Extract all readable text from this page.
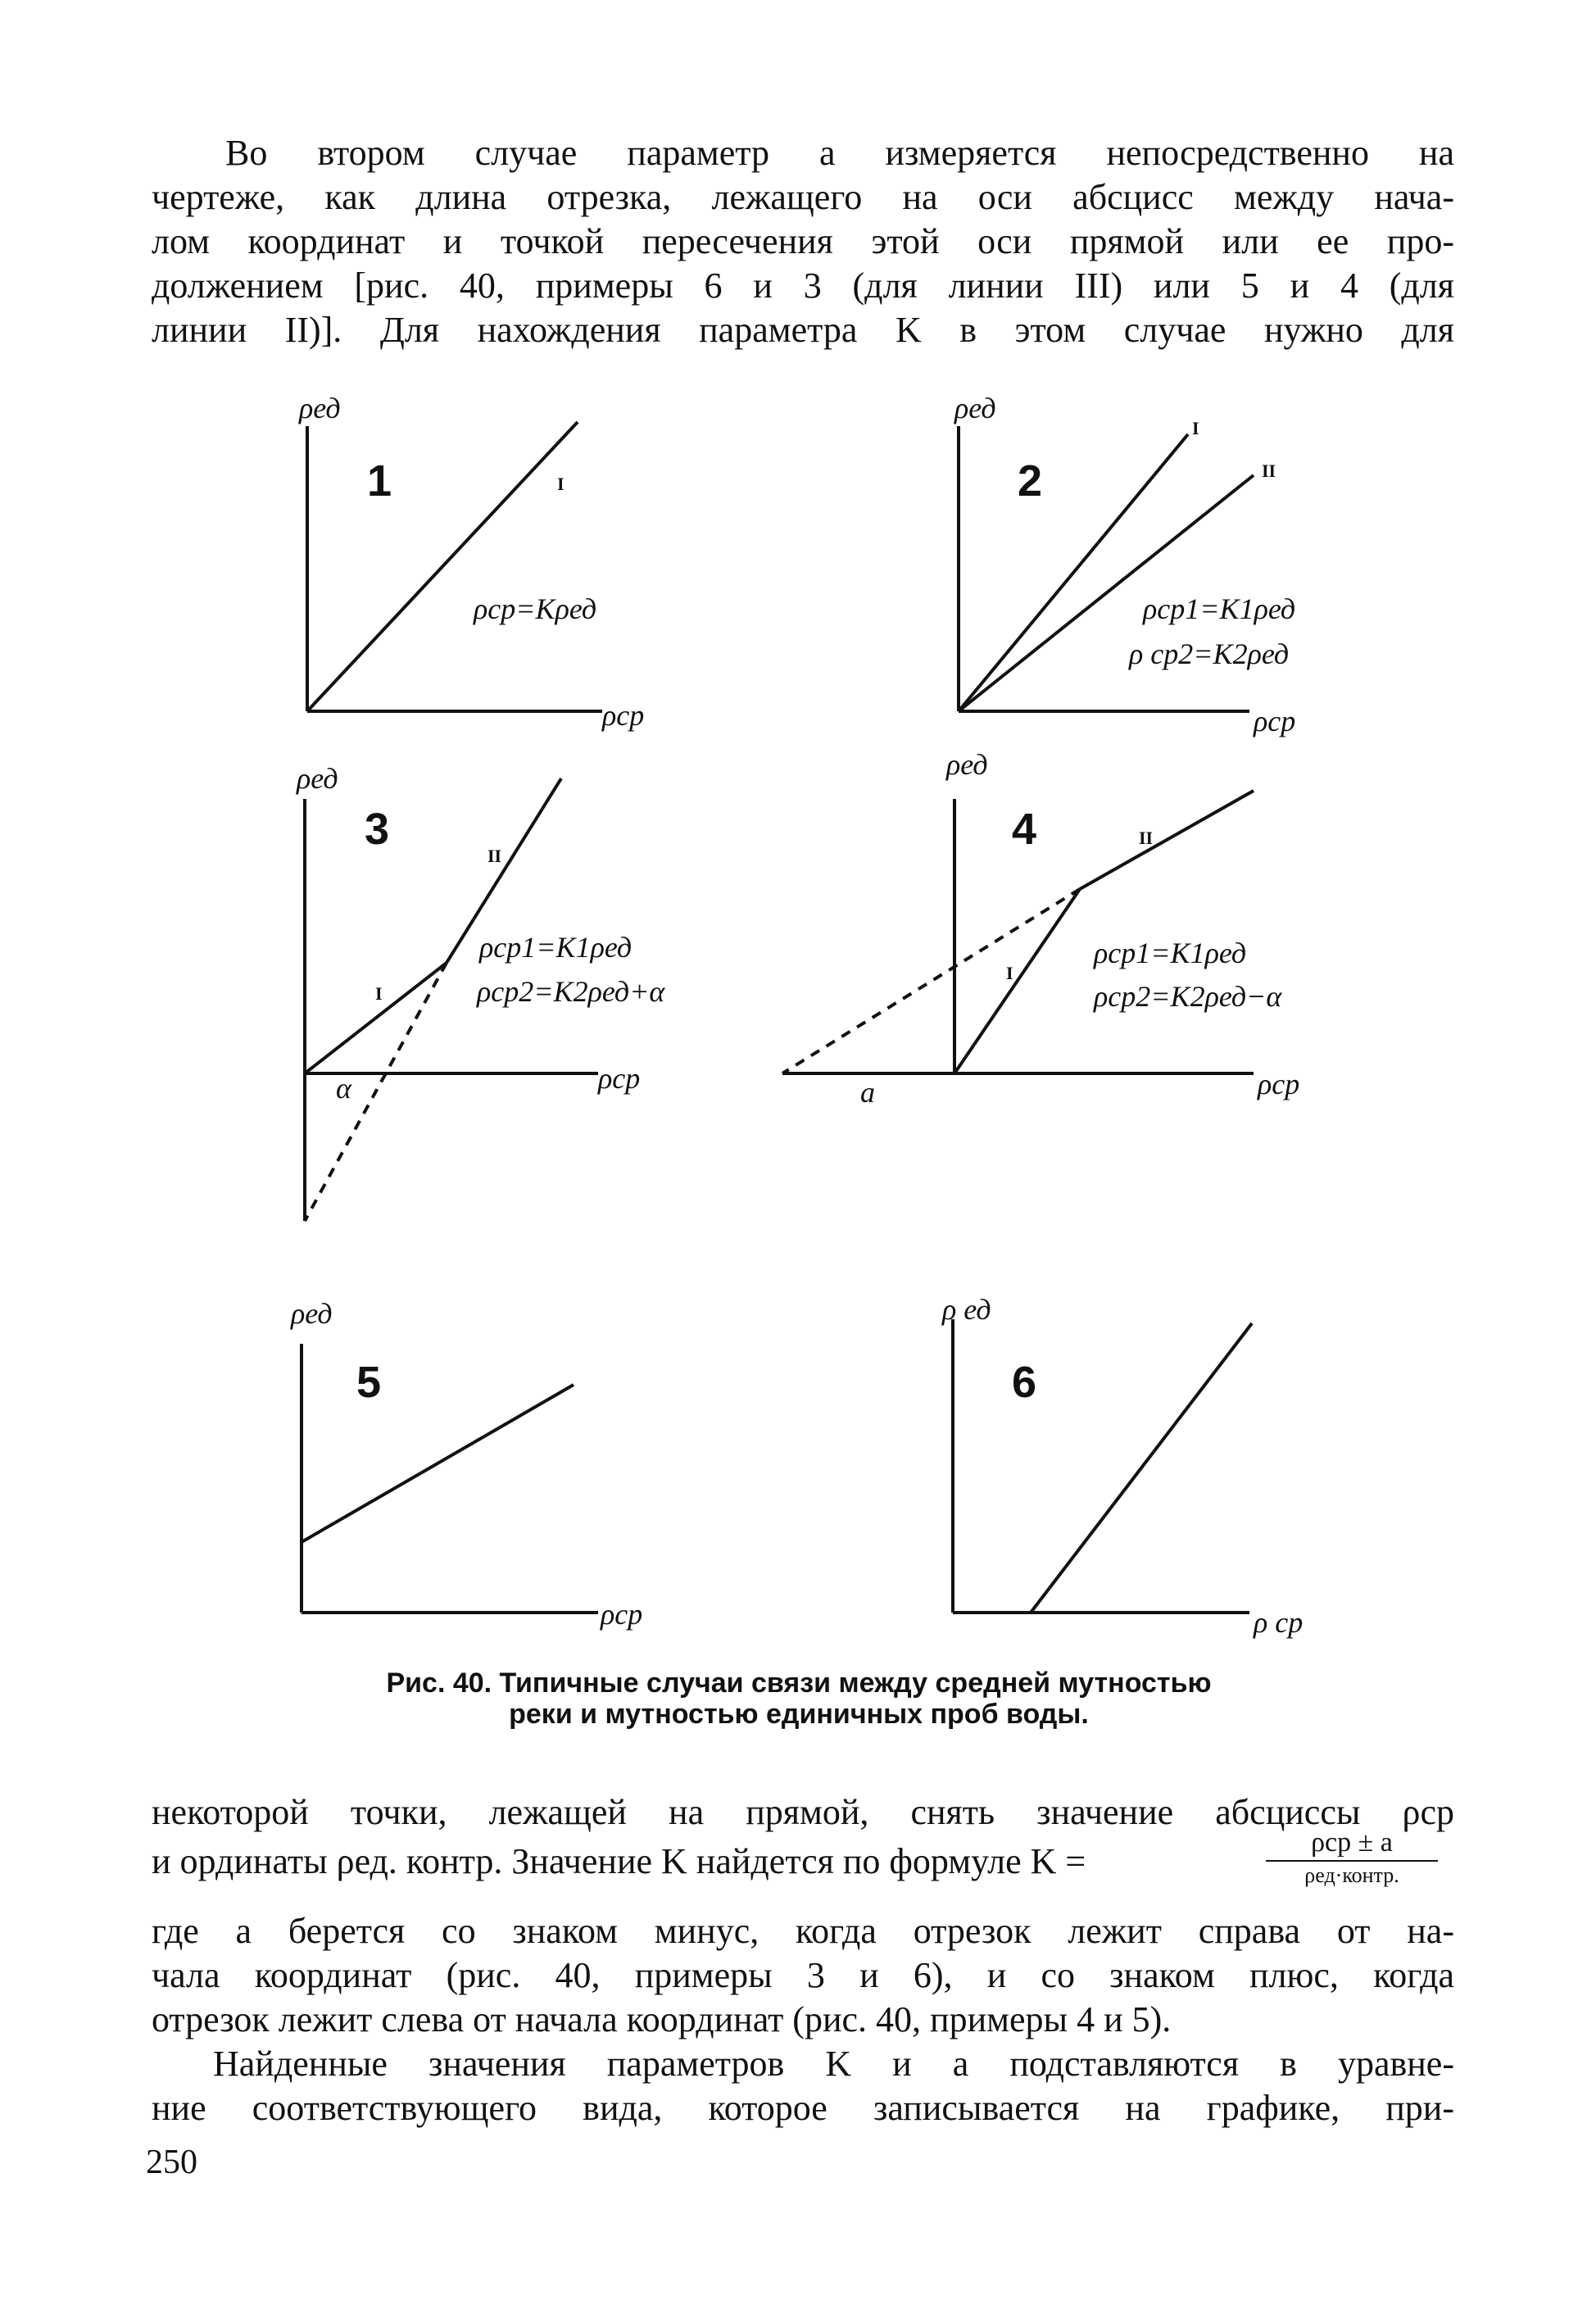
Во втором случае параметр a измеряется непосредственно на
чертеже, как длина отрезка, лежащего на оси абсцисс между нача-
лом координат и точкой пересечения этой оси прямой или ее про-
должением [рис. 40, примеры 6 и 3 (для линии III) или 5 и 4 (для
линии II)]. Для нахождения параметра K в этом случае нужно для
ρед
1	I
ρср=Kρед
ρср
ρед
2
I
II
ρср1=K1ρед
ρ ср2=K2ρед
ρср
ρед
3
II
I
ρср1=K1ρед
ρср2=K2ρед+α
α	ρср
ρед
4	II
I
ρср1=K1ρед
ρср2=K2ρед−α
a	ρср
ρед
5
ρср
ρ ед
6
ρ ср
Рис. 40. Типичные случаи связи между средней мутностью
реки и мутностью единичных проб воды.
некоторой точки, лежащей на прямой, снять значение абсциссы ρср
и ординаты ρед. контр. Значение K найдется по формуле K =	ρср ± a
ρед·контр.
где a берется со знаком минус, когда отрезок лежит справа от на-
чала координат (рис. 40, примеры 3 и 6), и со знаком плюс, когда
отрезок лежит слева от начала координат (рис. 40, примеры 4 и 5).
Найденные значения параметров K и a подставляются в уравне-
ние соответствующего вида, которое записывается на графике, при-
250
